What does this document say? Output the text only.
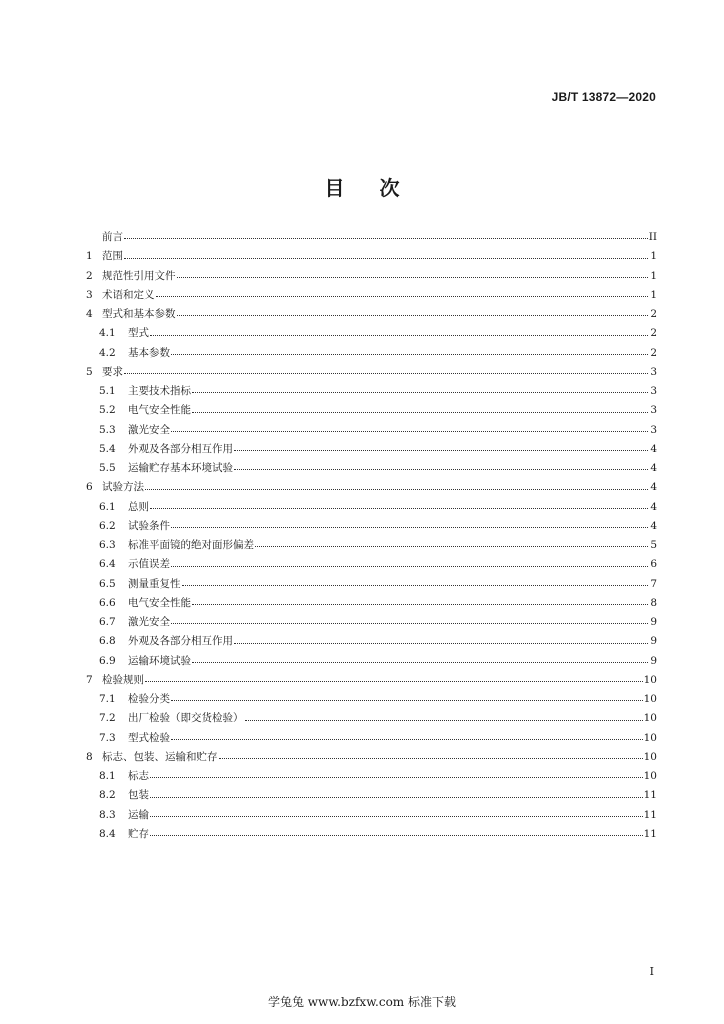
JB/T 13872—2020
目 次
前言	II
1 范围	1
2 规范性引用文件	1
3 术语和定义	1
4 型式和基本参数	2
4.1	型式	2
4.2	基本参数	2
5 要求	3
5.1	主要技术指标	3
5.2	电气安全性能	3
5.3	激光安全	3
5.4	外观及各部分相互作用	4
5.5	运输贮存基本环境试验	4
6 试验方法	4
6.1	总则	4
6.2	试验条件	4
6.3	标准平面镜的绝对面形偏差	5
6.4	示值误差	6
6.5	测量重复性	7
6.6	电气安全性能	8
6.7	激光安全	9
6.8	外观及各部分相互作用	9
6.9	运输环境试验	9
7 检验规则	10
7.1	检验分类	10
7.2	出厂检验（即交货检验）	10
7.3	型式检验	10
8 标志、包装、运输和贮存	10
8.1	标志	10
8.2	包装	11
8.3	运输	11
8.4	贮存	11
I
学兔兔 www.bzfxw.com 标准下载
